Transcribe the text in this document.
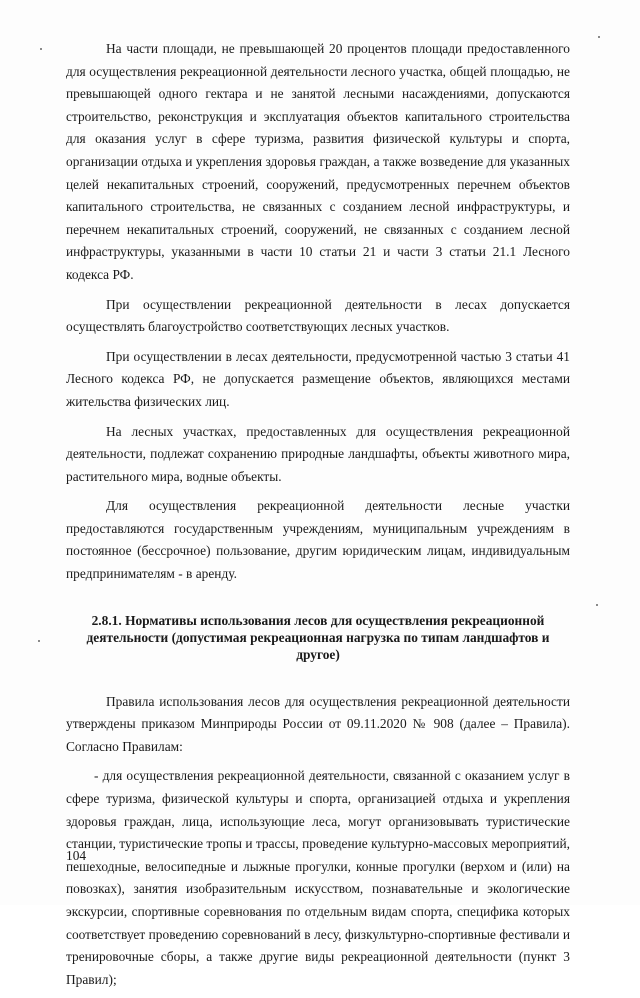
На части площади, не превышающей 20 процентов площади предоставленного для осуществления рекреационной деятельности лесного участка, общей площадью, не превышающей одного гектара и не занятой лесными насаждениями, допускаются строительство, реконструкция и эксплуатация объектов капитального строительства для оказания услуг в сфере туризма, развития физической культуры и спорта, организации отдыха и укрепления здоровья граждан, а также возведение для указанных целей некапитальных строений, сооружений, предусмотренных перечнем объектов капитального строительства, не связанных с созданием лесной инфраструктуры, и перечнем некапитальных строений, сооружений, не связанных с созданием лесной инфраструктуры, указанными в части 10 статьи 21 и части 3 статьи 21.1 Лесного кодекса РФ.

При осуществлении рекреационной деятельности в лесах допускается осуществлять благоустройство соответствующих лесных участков.

При осуществлении в лесах деятельности, предусмотренной частью 3 статьи 41 Лесного кодекса РФ, не допускается размещение объектов, являющихся местами жительства физических лиц.

На лесных участках, предоставленных для осуществления рекреационной деятельности, подлежат сохранению природные ландшафты, объекты животного мира, растительного мира, водные объекты.

Для осуществления рекреационной деятельности лесные участки предоставляются государственным учреждениям, муниципальным учреждениям в постоянное (бессрочное) пользование, другим юридическим лицам, индивидуальным предпринимателям - в аренду.

2.8.1. Нормативы использования лесов для осуществления рекреационной деятельности (допустимая рекреационная нагрузка по типам ландшафтов и другое)

Правила использования лесов для осуществления рекреационной деятельности утверждены приказом Минприроды России от 09.11.2020 № 908 (далее – Правила). Согласно Правилам:

- для осуществления рекреационной деятельности, связанной с оказанием услуг в сфере туризма, физической культуры и спорта, организацией отдыха и укрепления здоровья граждан, лица, использующие леса, могут организовывать туристические станции, туристические тропы и трассы, проведение культурно-массовых мероприятий, пешеходные, велосипедные и лыжные прогулки, конные прогулки (верхом и (или) на повозках), занятия изобразительным искусством, познавательные и экологические экскурсии, спортивные соревнования по отдельным видам спорта, специфика которых соответствует проведению соревнований в лесу, физкультурно-спортивные фестивали и тренировочные сборы, а также другие виды рекреационной деятельности (пункт 3 Правил);

104
